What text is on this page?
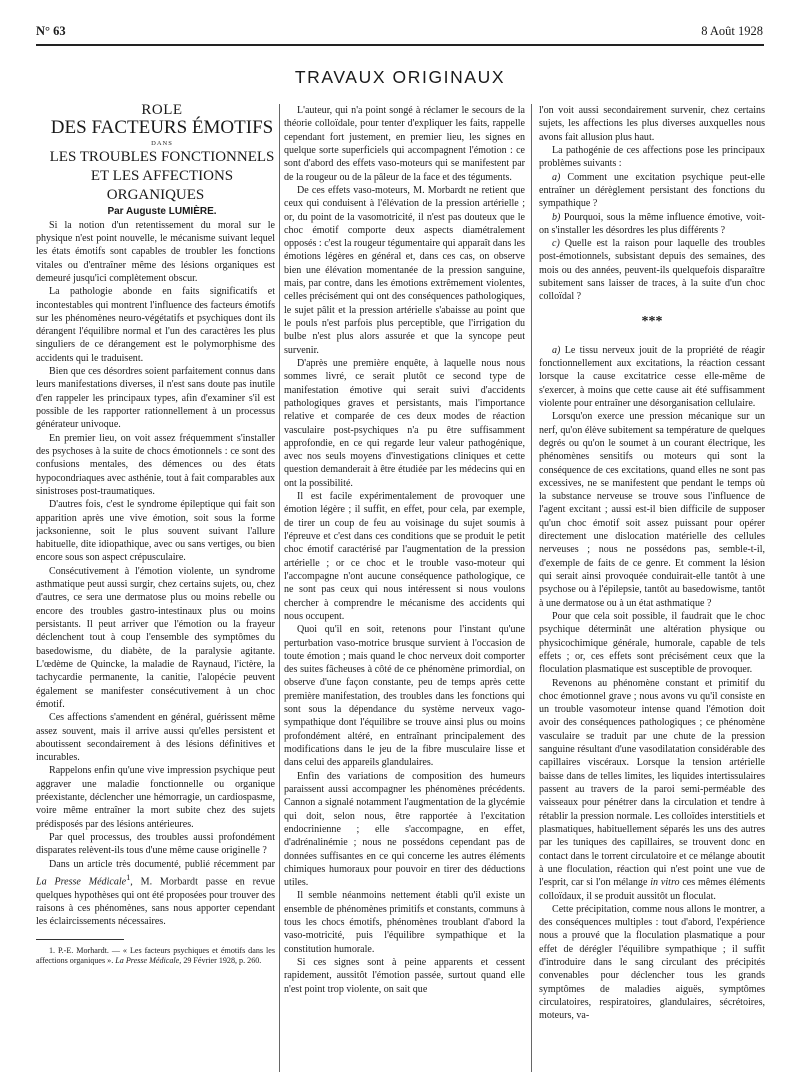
N° 63	8 Août 1928
TRAVAUX ORIGINAUX

ROLE

DES FACTEURS ÉMOTIFS

DANS

LES TROUBLES FONCTIONNELS

ET LES AFFECTIONS ORGANIQUES

Par Auguste LUMIÈRE.

Si la notion d'un retentissement du moral sur le physique n'est point nouvelle, le mécanisme suivant lequel les états émotifs sont capables de troubler les fonctions vitales ou d'entraîner même des lésions organiques est demeuré jusqu'ici complètement obscur.

La pathologie abonde en faits significatifs et incontestables qui montrent l'influence des facteurs émotifs sur les phénomènes neuro-végétatifs et psychiques dont ils dérangent l'équilibre normal et l'un des caractères les plus singuliers de ce dérangement est le polymorphisme des accidents qui le traduisent.

Bien que ces désordres soient parfaitement connus dans leurs manifestations diverses, il n'est sans doute pas inutile d'en rappeler les principaux types, afin d'examiner s'il est possible de les rapporter rationnellement à un processus générateur univoque.

En premier lieu, on voit assez fréquemment s'installer des psychoses à la suite de chocs émotionnels : ce sont des confusions mentales, des démences ou des états hypocondriaques avec asthénie, tout à fait comparables aux sinistroses post-traumatiques.

D'autres fois, c'est le syndrome épileptique qui fait son apparition après une vive émotion, soit sous la forme jacksonienne, soit le plus souvent suivant l'allure habituelle, dite idiopathique, avec ou sans vertiges, ou bien encore sous son aspect crépusculaire.

Consécutivement à l'émotion violente, un syndrome asthmatique peut aussi surgir, chez certains sujets, ou, chez d'autres, ce sera une dermatose plus ou moins rebelle ou encore des troubles gastro-intestinaux plus ou moins persistants. Il peut arriver que l'émotion ou la frayeur déclenchent tout à coup l'ensemble des symptômes du basedowisme, du diabète, de la paralysie agitante. L'œdème de Quincke, la maladie de Raynaud, l'ictère, la tachycardie permanente, la canitie, l'alopécie peuvent également se manifester consécutivement à un choc émotif.

Ces affections s'amendent en général, guérissent même assez souvent, mais il arrive aussi qu'elles persistent et aboutissent secondairement à des lésions définitives et incurables.

Rappelons enfin qu'une vive impression psychique peut aggraver une maladie fonctionnelle ou organique préexistante, déclencher une hémorragie, un cardiospasme, voire même entraîner la mort subite chez des sujets prédisposés par des lésions antérieures.

Par quel processus, des troubles aussi profondément disparates relèvent-ils tous d'une même cause originelle ?

Dans un article très documenté, publié récemment par La Presse Médicale$^1$, M. Morbardt passe en revue quelques hypothèses qui ont été proposées pour trouver des raisons à ces phénomènes, sans nous apporter cependant les éclaircissements nécessaires.

1. P.-E. Morhardt. — « Les facteurs psychiques et émotifs dans les affections organiques ». La Presse Médicale, 29 Février 1928, p. 260.

L'auteur, qui n'a point songé à réclamer le secours de la théorie colloïdale, pour tenter d'expliquer les faits, rappelle cependant fort justement, en premier lieu, les signes en quelque sorte superficiels qui accompagnent l'émotion : ce sont d'abord des effets vaso-moteurs qui se manifestent par de la rougeur ou de la pâleur de la face et des téguments.

De ces effets vaso-moteurs, M. Morbardt ne retient que ceux qui conduisent à l'élévation de la pression artérielle ; or, du point de la vasomotricité, il n'est pas douteux que le choc émotif comporte deux aspects diamétralement opposés : c'est la rougeur tégumentaire qui apparaît dans les émotions légères en général et, dans ces cas, on observe bien une élévation momentanée de la pression sanguine, mais, par contre, dans les émotions extrêmement violentes, celles précisément qui ont des conséquences pathologiques, le sujet pâlit et la pression artérielle s'abaisse au point que le pouls n'est parfois plus perceptible, que l'irrigation du bulbe n'est plus alors assurée et que la syncope peut survenir.

D'après une première enquête, à laquelle nous nous sommes livré, ce serait plutôt ce second type de manifestation émotive qui serait suivi d'accidents pathologiques graves et persistants, mais l'importance relative et comparée de ces deux modes de réaction vasculaire post-psychiques n'a pu être suffisamment approfondie, en ce qui regarde leur valeur pathogénique, avec nos seuls moyens d'investigations cliniques et cette question demanderait à être étudiée par les médecins qui en ont la possibilité.

Il est facile expérimentalement de provoquer une émotion légère ; il suffit, en effet, pour cela, par exemple, de tirer un coup de feu au voisinage du sujet soumis à l'épreuve et c'est dans ces conditions que se produit le petit choc émotif caractérisé par l'augmentation de la pression artérielle ; or ce choc et le trouble vaso-moteur qui l'accompagne n'ont aucune conséquence pathologique, ce ne sont pas ceux qui nous intéressent si nous voulons chercher à comprendre le mécanisme des accidents qui nous occupent.

Quoi qu'il en soit, retenons pour l'instant qu'une perturbation vaso-motrice brusque survient à l'occasion de toute émotion ; mais quand le choc nerveux doit comporter des suites fâcheuses à côté de ce phénomène primordial, on observe d'une façon constante, peu de temps après cette première manifestation, des troubles dans les fonctions qui sont sous la dépendance du système nerveux vago-sympathique dont l'équilibre se trouve ainsi plus ou moins profondément altéré, en entraînant principalement des modifications dans le jeu de la fibre musculaire lisse et dans celui des appareils glandulaires.

Enfin des variations de composition des humeurs paraissent aussi accompagner les phénomènes précédents. Cannon a signalé notamment l'augmentation de la glycémie qui doit, selon nous, être rapportée à l'excitation endocrinienne ; elle s'accompagne, en effet, d'adrénalinémie ; nous ne possédons cependant pas de données suffisantes en ce qui concerne les autres éléments chimiques humoraux pour pouvoir en tirer des déductions utiles.

Il semble néanmoins nettement établi qu'il existe un ensemble de phénomènes primitifs et constants, communs à tous les chocs émotifs, phénomènes troublant d'abord la vaso-motricité, puis l'équilibre sympathique et la constitution humorale.

Si ces signes sont à peine apparents et cessent rapidement, aussitôt l'émotion passée, surtout quand elle n'est point trop violente, on sait que

l'on voit aussi secondairement survenir, chez certains sujets, les affections les plus diverses auxquelles nous avons fait allusion plus haut.

La pathogénie de ces affections pose les principaux problèmes suivants :

a) Comment une excitation psychique peut-elle entraîner un dérèglement persistant des fonctions du sympathique ?

b) Pourquoi, sous la même influence émotive, voit-on s'installer les désordres les plus différents ?

c) Quelle est la raison pour laquelle des troubles post-émotionnels, subsistant depuis des semaines, des mois ou des années, peuvent-ils quelquefois disparaître subitement sans laisser de traces, à la suite d'un choc colloïdal ?

***

a) Le tissu nerveux jouit de la propriété de réagir fonctionnellement aux excitations, la réaction cessant lorsque la cause excitatrice cesse elle-même de s'exercer, à moins que cette cause ait été suffisamment violente pour entraîner une désorganisation cellulaire.

Lorsqu'on exerce une pression mécanique sur un nerf, qu'on élève subitement sa température de quelques degrés ou qu'on le soumet à un courant électrique, les phénomènes sensitifs ou moteurs qui sont la conséquence de ces excitations, quand elles ne sont pas excessives, ne se manifestent que pendant le temps où la substance nerveuse se trouve sous l'influence de l'agent excitant ; aussi est-il bien difficile de supposer qu'un choc émotif soit assez puissant pour opérer directement une dislocation matérielle des cellules nerveuses ; nous ne possédons pas, semble-t-il, d'exemple de faits de ce genre. Et comment la lésion qui serait ainsi provoquée conduirait-elle tantôt à une psychose ou à l'épilepsie, tantôt au basedowisme, tantôt à une dermatose ou à un état asthmatique ?

Pour que cela soit possible, il faudrait que le choc psychique déterminât une altération physique ou physicochimique générale, humorale, capable de tels effets ; or, ces effets sont précisément ceux que la floculation plasmatique est susceptible de provoquer.

Revenons au phénomène constant et primitif du choc émotionnel grave ; nous avons vu qu'il consiste en un trouble vasomoteur intense quand l'émotion doit avoir des conséquences pathologiques ; ce phénomène vasculaire se traduit par une chute de la pression sanguine résultant d'une vasodilatation considérable des capillaires viscéraux. Lorsque la tension artérielle baisse dans de telles limites, les liquides intertissulaires passent au travers de la paroi semi-perméable des vaisseaux pour pénétrer dans la circulation et tendre à rétablir la pression normale. Les colloïdes interstitiels et plasmatiques, habituellement séparés les uns des autres par les tuniques des capillaires, se trouvent donc en contact dans le torrent circulatoire et ce mélange aboutit à une floculation, réaction qui n'est point une vue de l'esprit, car si l'on mélange in vitro ces mêmes éléments colloïdaux, il se produit aussitôt un floculat.

Cette précipitation, comme nous allons le montrer, a des conséquences multiples : tout d'abord, l'expérience nous a prouvé que la floculation plasmatique a pour effet de dérégler l'équilibre sympathique ; il suffit d'introduire dans le sang circulant des précipités convenables pour déclencher tous les grands symptômes de maladies aiguës, symptômes circulatoires, respiratoires, glandulaires, sécrétoires, moteurs, va-
